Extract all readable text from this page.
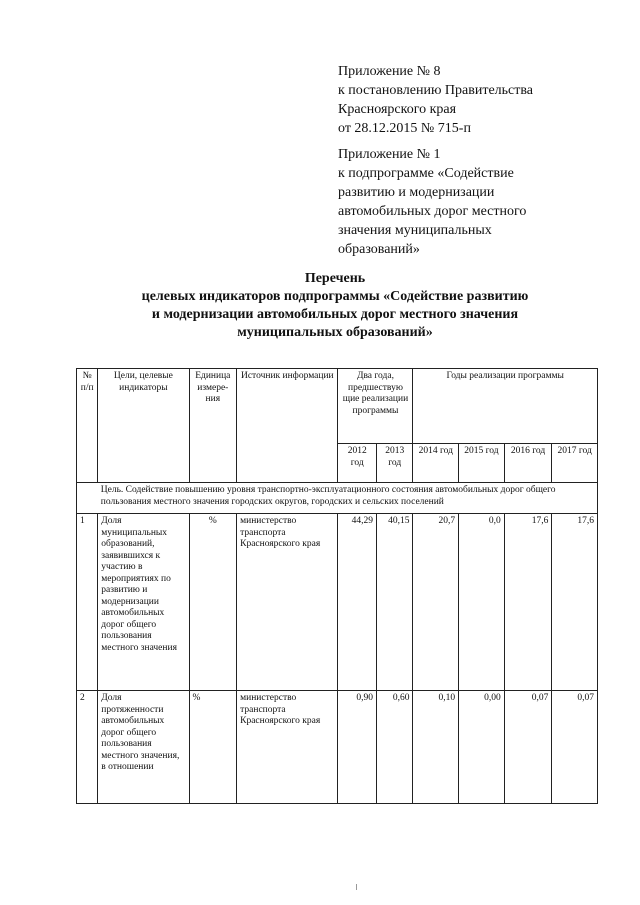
Приложение № 8
к постановлению Правительства
Красноярского края
от 28.12.2015 № 715-п
Приложение № 1
к подпрограмме «Содействие
развитию и модернизации
автомобильных дорог местного
значения муниципальных
образований»
Перечень
целевых индикаторов подпрограммы «Содействие развитию
и модернизации автомобильных дорог местного значения
муниципальных образований»
№ п/п	Цели, целевые индикаторы	Единица измере-ния	Источник информации	Два года, предшествую щие реализации программы		Годы реализации программы			
				2012 год	2013 год	2014 год	2015 год	2016 год	2017 год
	Цель. Содействие повышению уровня транспортно-эксплуатационного состояния автомобильных дорог общего пользования местного значения городских округов, городских и сельских поселений								
1	Доля муниципальных образований, заявившихся к участию в мероприятиях по развитию и модернизации автомобильных дорог общего пользования местного значения	%	министерство транспорта Красноярского края	44,29	40,15	20,7	0,0	17,6	17,6
2	Доля протяженности автомобильных дорог общего пользования местного значения, в отношении	%	министерство транспорта Красноярского края	0,90	0,60	0,10	0,00	0,07	0,07
